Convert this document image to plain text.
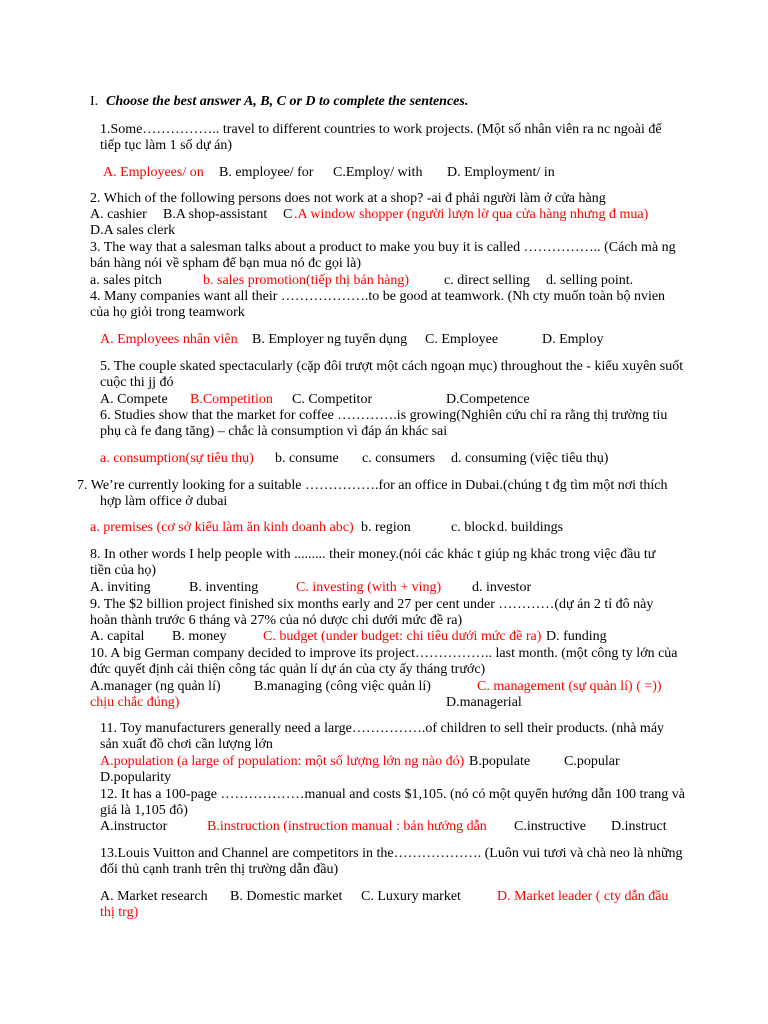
I. Choose the best answer A, B, C or D to complete the sentences.
1.Some…………….. travel to different countries to work projects. (Một số nhân viên ra nc ngoài để
tiếp tục làm 1 số dự án)
A. Employees/ on B. employee/ for C.Employ/ with D. Employment/ in
2. Which of the following persons does not work at a shop? -ai đ phải người làm ở cửa hàng
A. cashier B.A shop-assistant C .A window shopper (người lượn lờ qua cửa hàng nhưng đ mua)
D.A sales clerk
3. The way that a salesman talks about a product to make you buy it is called …………….. (Cách mà ng
bán hàng nói về spham để bạn mua nó đc gọi là)
a. sales pitch	b. sales promotion(tiếp thị bán hàng) c. direct selling d. selling point.
4. Many companies want all their ……………….to be good at teamwork. (Nh cty muốn toàn bộ nvien
của họ giỏi trong teamwork
A. Employees nhân viên B. Employer ng tuyển dụng C. Employee	D. Employ
5. The couple skated spectacularly (cặp đôi trượt một cách ngoạn mục) throughout the - kiểu xuyên suốt
cuộc thi jj đó
A. Compete B.Competition C. Competitor	D.Competence
6. Studies show that the market for coffee ………….is growing(Nghiên cứu chỉ ra rằng thị trường tiu
phụ cà fe đang tăng) – chắc là consumption vì đáp án khác sai
a. consumption(sự tiêu thụ) b. consume c. consumers d. consuming (việc tiêu thụ)
7. We’re currently looking for a suitable …………….for an office in Dubai.(chúng t đg tìm một nơi thích
hợp làm office ở dubai
a. premises (cơ sở kiểu làm ăn kinh doanh abc) b. region	c. block d. buildings
8. In other words I help people with ......... their money.(nói các khác t giúp ng khác trong việc đầu tư
tiền của họ)
A. inviting	B. inventing	C. investing (with + ving) d. investor
9. The $2 billion project finished six months early and 27 per cent under …………(dự án 2 tỉ đô này
hoàn thành trước 6 tháng và 27% của nó dược chi dưới mức đề ra)
A. capital B. money	C. budget (under budget: chi tiêu dưới mức đề ra) D. funding
10. A big German company decided to improve its project…………….. last month. (một công ty lớn của
đức quyết định cải thiện công tác quản lí dự án của cty ấy tháng trước)
A.manager (ng quản lí) B.managing (công việc quản lí)	C. management (sự quản lí) ( =))
chịu chắc đúng)	D.managerial
11. Toy manufacturers generally need a large…………….of children to sell their products. (nhà máy
sản xuất đồ chơi cần lượng lớn
A.population (a large of population: một số lượng lớn ng nào đó) B.populate C.popular
D.popularity
12. It has a 100-page ………………manual and costs $1,105. (nó có một quyển hướng dẫn 100 trang và
giá là 1,105 đô)
A.instructor	B.instruction (instruction manual : bản hướng dẫn C.instructive D.instruct
13.Louis Vuitton and Channel are competitors in the………………. (Luôn vui tươi và chà neo là những
đối thủ cạnh tranh trên thị trường dẫn đầu)
A. Market research B. Domestic market C. Luxury market	D. Market leader ( cty dẫn đầu
thị trg)
